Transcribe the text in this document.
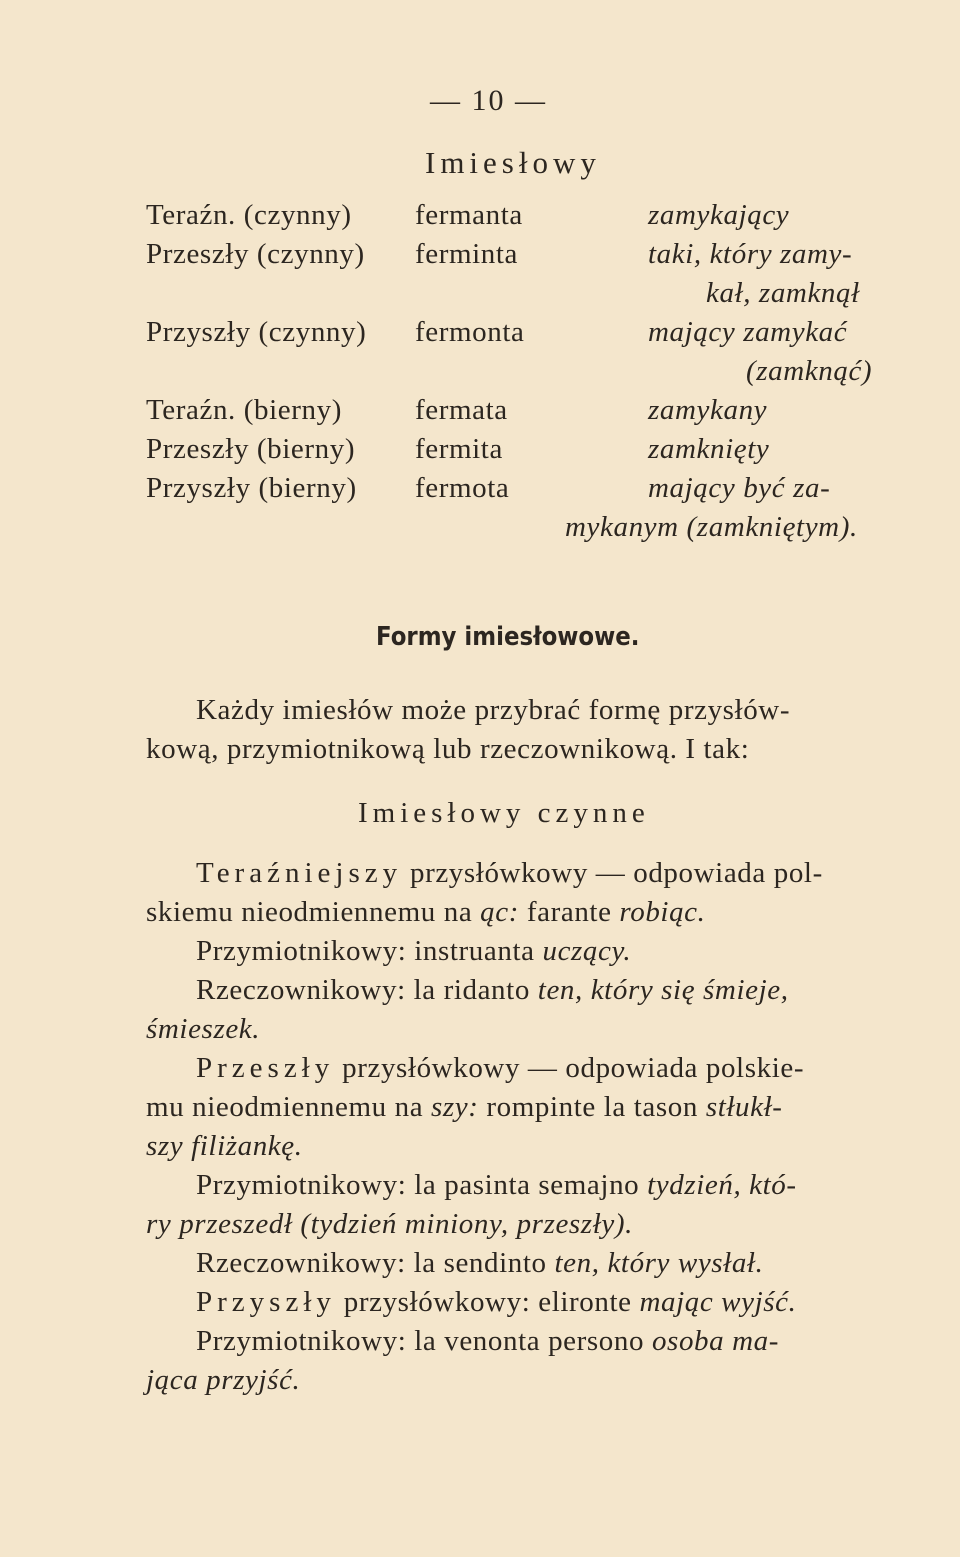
— 10 —
Imiesłowy
Teraźn. (czynny) fermanta	zamykający
Przeszły (czynny) ferminta	taki, który zamy-
kał, zamknął
Przyszły (czynny) fermonta	mający zamykać
(zamknąć)
Teraźn. (bierny)	fermata	zamykany
Przeszły (bierny) fermita	zamknięty
Przyszły (bierny) fermota	mający być za-
mykanym (zamkniętym).
Formy imiesłowowe.
Każdy imiesłów może przybrać formę przysłów-
kową, przymiotnikową lub rzeczownikową. I tak:
Imiesłowy czynne
Teraźniejszy przysłówkowy — odpowiada pol-
skiemu nieodmiennemu na ąc: farante robiąc.
Przymiotnikowy: instruanta uczący.
Rzeczownikowy: la ridanto ten, który się śmieje,
śmieszek.
Przeszły przysłówkowy — odpowiada polskie-
mu nieodmiennemu na szy: rompinte la tason stłukł-
szy filiżankę.
Przymiotnikowy: la pasinta semajno tydzień, któ-
ry przeszedł (tydzień miniony, przeszły).
Rzeczownikowy: la sendinto ten, który wysłał.
Przyszły przysłówkowy: elironte mając wyjść.
Przymiotnikowy: la venonta persono osoba ma-
jąca przyjść.
